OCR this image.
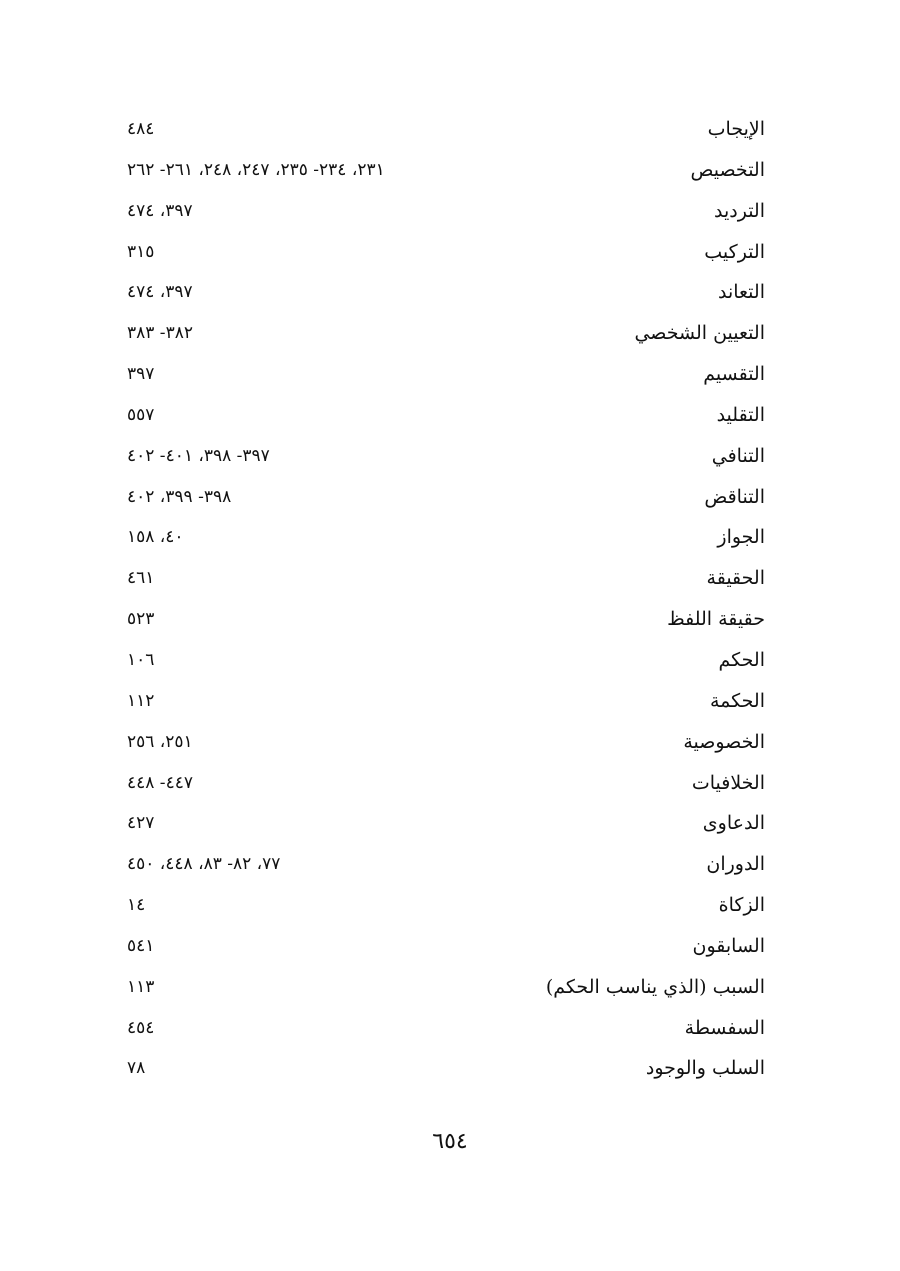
الإيجاب
٤٨٤
التخصيص
٢٣١، ٢٣٤- ٢٣٥، ٢٤٧، ٢٤٨، ٢٦١- ٢٦٢
الترديد
٣٩٧، ٤٧٤
التركيب
٣١٥
التعاند
٣٩٧، ٤٧٤
التعيين الشخصي
٣٨٢- ٣٨٣
التقسيم
٣٩٧
التقليد
٥٥٧
التنافي
٣٩٧- ٣٩٨، ٤٠١- ٤٠٢
التناقض
٣٩٨- ٣٩٩، ٤٠٢
الجواز
٤٠، ١٥٨
الحقيقة
٤٦١
حقيقة اللفظ
٥٢٣
الحكم
١٠٦
الحكمة
١١٢
الخصوصية
٢٥١، ٢٥٦
الخلافيات
٤٤٧- ٤٤٨
الدعاوى
٤٢٧
الدوران
٧٧، ٨٢- ٨٣، ٤٤٨، ٤٥٠
الزكاة
١٤
السابقون
٥٤١
السبب (الذي يناسب الحكم)
١١٣
السفسطة
٤٥٤
السلب والوجود
٧٨
٦٥٤
